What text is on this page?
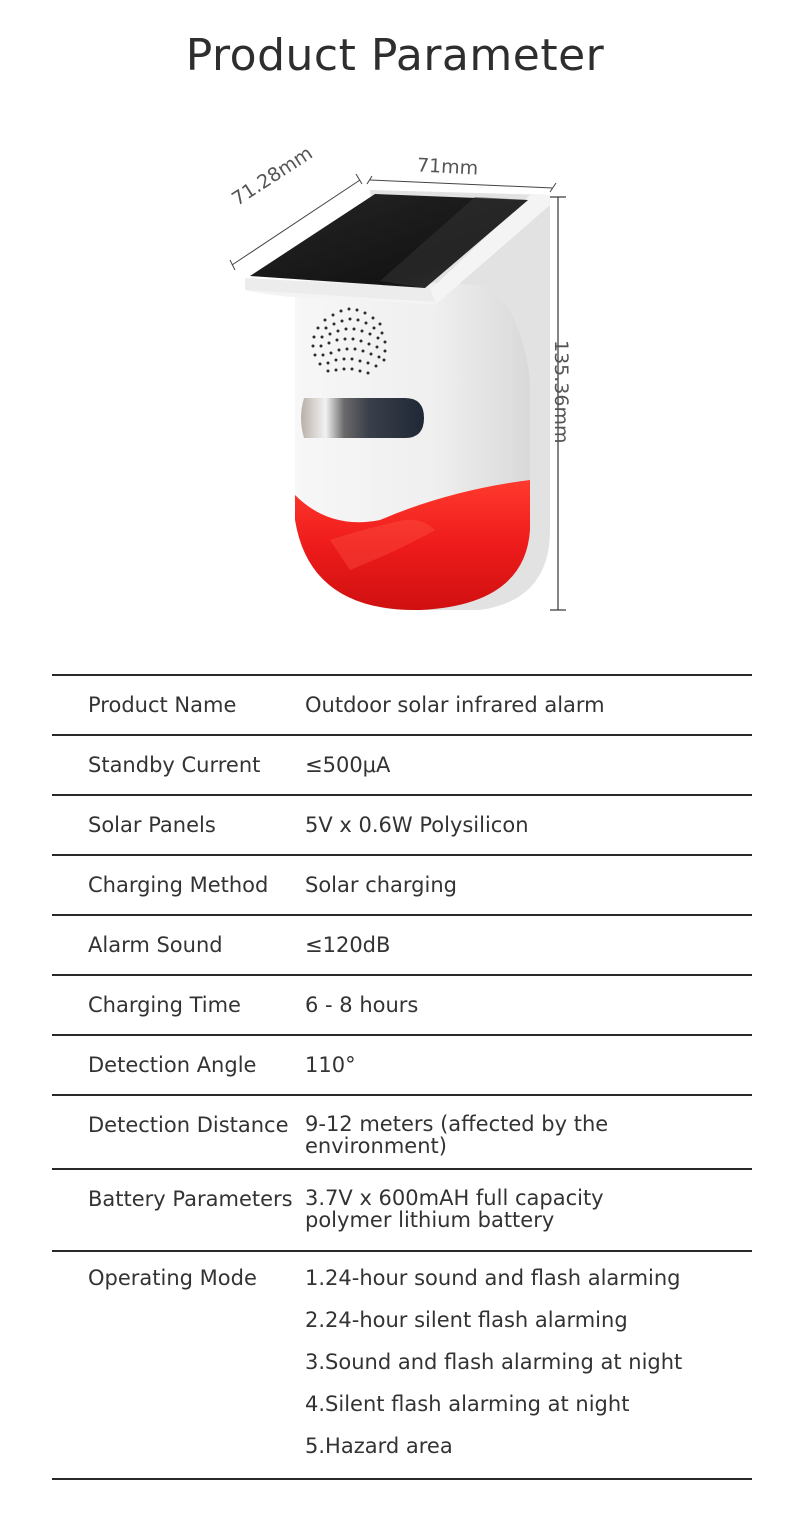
Product Parameter
71mm
71.28mm
135.36mm
Product Name	Outdoor solar infrared alarm
Standby Current	≤500μA
Solar Panels	5V x 0.6W Polysilicon
Charging Method	Solar charging
Alarm Sound	≤120dB
Charging Time	6 - 8 hours
Detection Angle	110°
Detection Distance 9-12 meters (affected by the
environment)
Battery Parameters 3.7V x 600mAH full capacity
polymer lithium battery
Operating Mode	1.24-hour sound and flash alarming
2.24-hour silent flash alarming
3.Sound and flash alarming at night
4.Silent flash alarming at night
5.Hazard area
